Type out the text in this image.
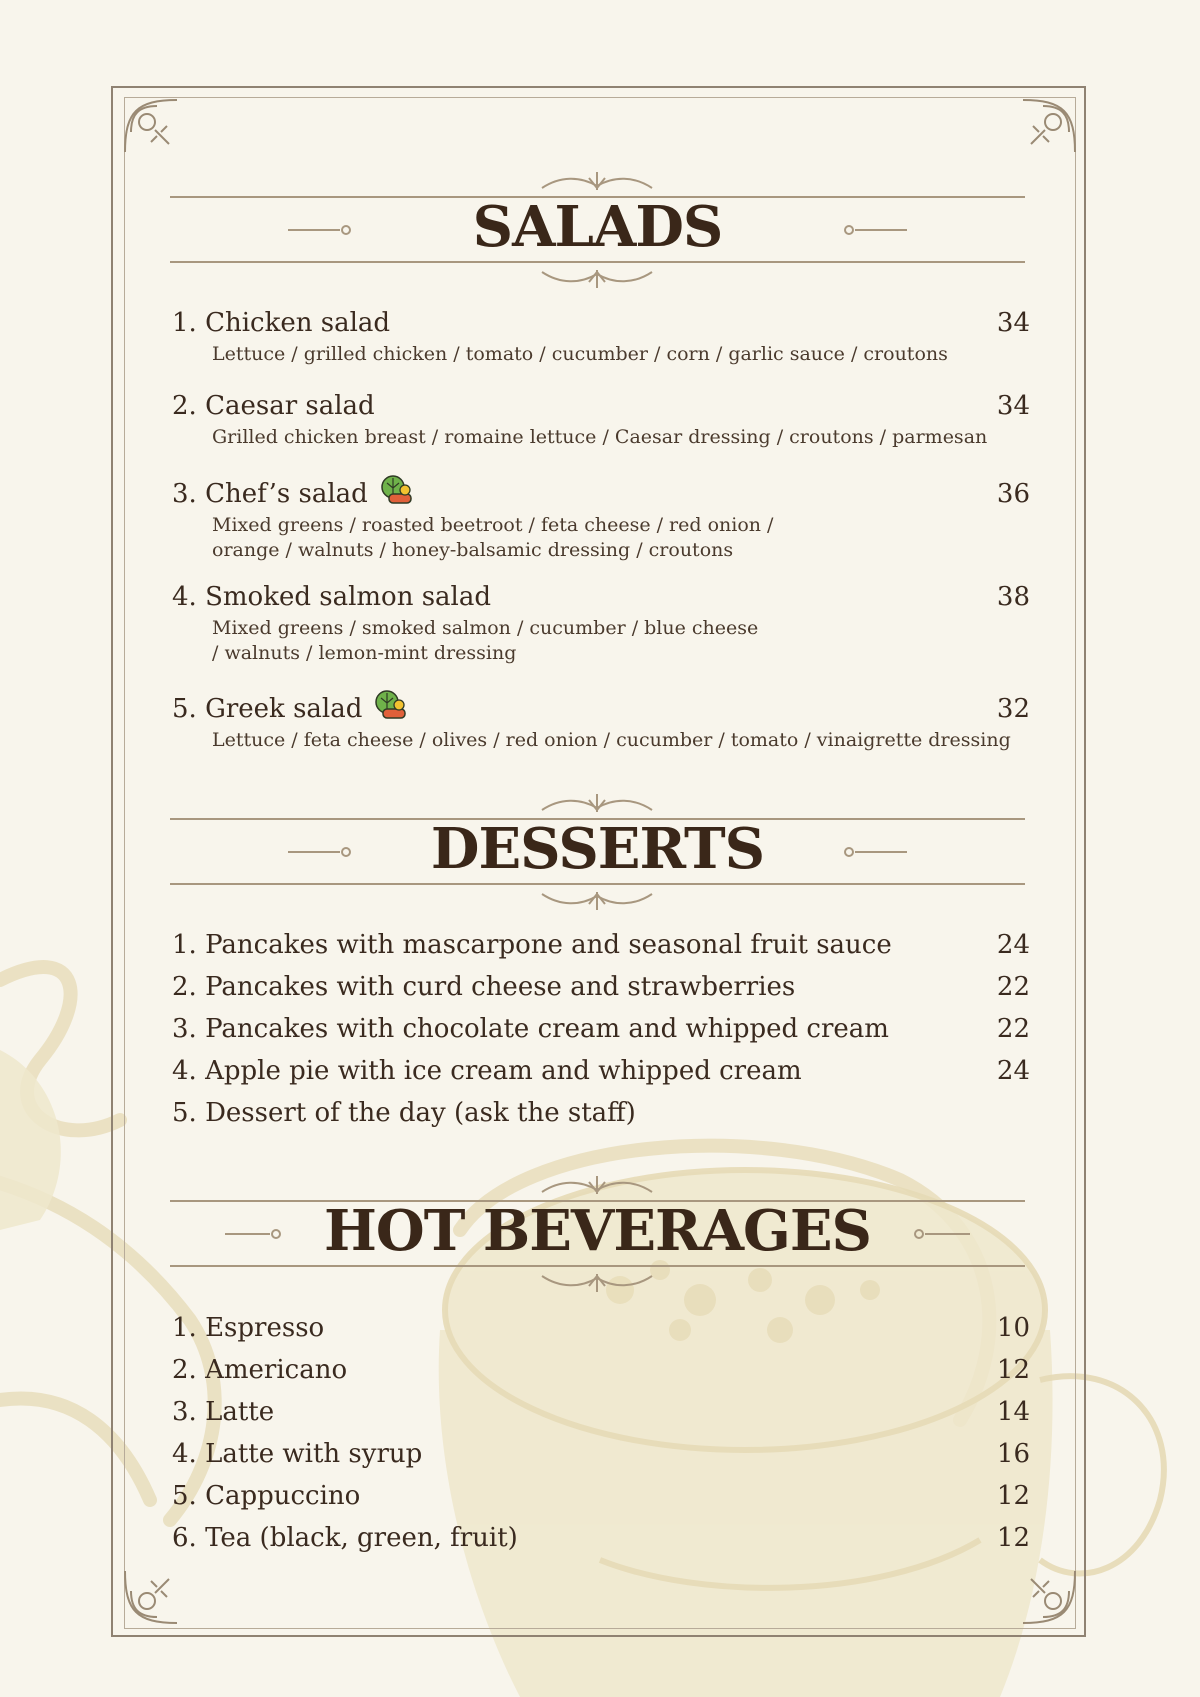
SALADS
1. Chicken salad	34
Lettuce / grilled chicken / tomato / cucumber / corn / garlic sauce / croutons
2. Caesar salad	34
Grilled chicken breast / romaine lettuce / Caesar dressing / croutons / parmesan
3. Chef’s salad	36
Mixed greens / roasted beetroot / feta cheese / red onion /
orange / walnuts / honey-balsamic dressing / croutons
4. Smoked salmon salad	38
Mixed greens / smoked salmon / cucumber / blue cheese
/ walnuts / lemon-mint dressing
5. Greek salad	32
Lettuce / feta cheese / olives / red onion / cucumber / tomato / vinaigrette dressing
DESSERTS
1. Pancakes with mascarpone and seasonal fruit sauce	24
2. Pancakes with curd cheese and strawberries	22
3. Pancakes with chocolate cream and whipped cream	22
4. Apple pie with ice cream and whipped cream	24
5. Dessert of the day (ask the staff)
HOT BEVERAGES
1. Espresso	10
2. Americano	12
3. Latte	14
4. Latte with syrup	16
5. Cappuccino	12
6. Tea (black, green, fruit)	12
